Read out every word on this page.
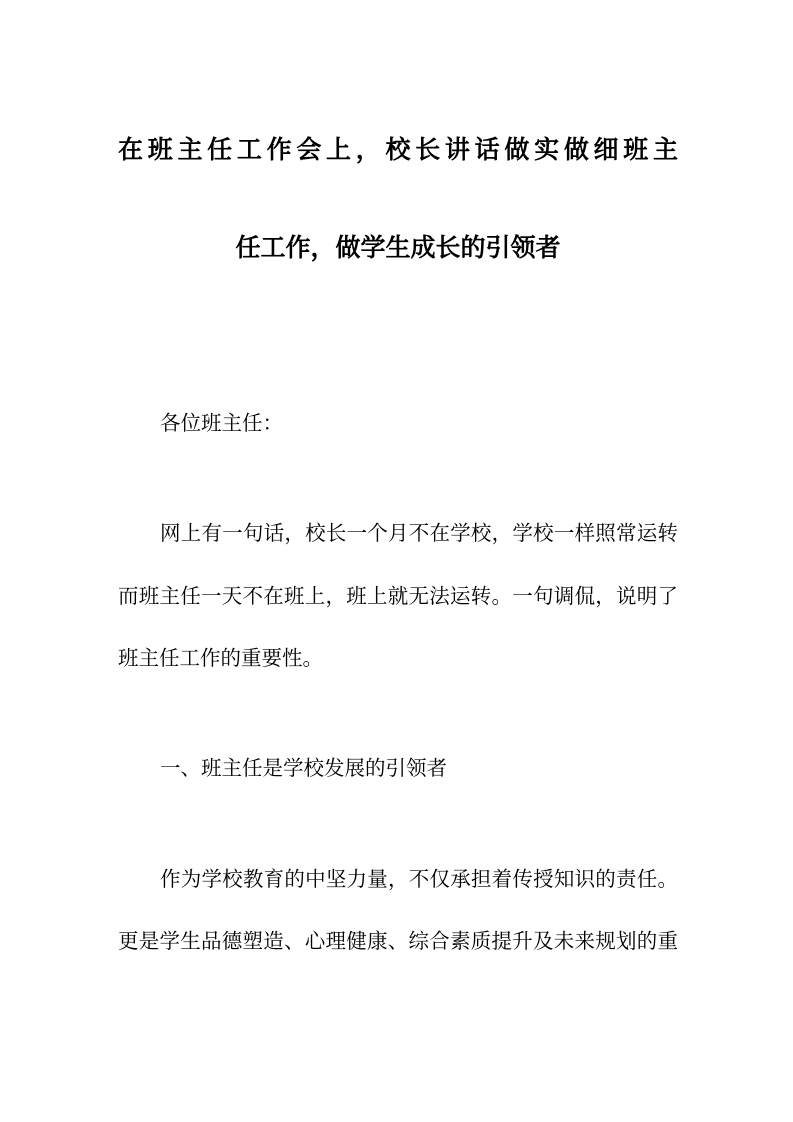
在班主任工作会上，校长讲话做实做细班主
任工作，做学生成长的引领者
各位班主任：
网上有一句话，校长一个月不在学校，学校一样照常运转
而班主任一天不在班上，班上就无法运转。一句调侃，说明了
班主任工作的重要性。
一、班主任是学校发展的引领者
作为学校教育的中坚力量，不仅承担着传授知识的责任。
更是学生品德塑造、心理健康、综合素质提升及未来规划的重
